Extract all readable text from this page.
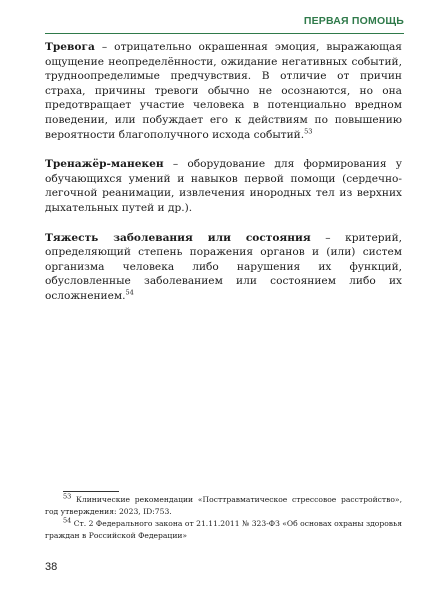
ПЕРВАЯ ПОМОЩЬ

Тревога – отрицательно окрашенная эмоция, выражающая ощущение неопределённости, ожидание негативных событий, трудноопределимые предчувствия. В отличие от причин страха, причины тревоги обычно не осознаются, но она предотвращает участие человека в потенциально вредном поведении, или побуждает его к действиям по повышению вероятности благополучного исхода событий.$^{53}$

Тренажёр-манекен – оборудование для формирования у обучающихся умений и навыков первой помощи (сердечно-легочной реанимации, извлечения инородных тел из верхних дыхательных путей и др.).

Тяжесть заболевания или состояния – критерий, определяющий степень поражения органов и (или) систем организма человека либо нарушения их функций, обусловленные заболеванием или состоянием либо их осложнением.$^{54}$

$^{53}$ Клинические рекомендации «Посттравматическое стрессовое расстройство», год утверждения: 2023, ID:753.

$^{54}$ Ст. 2 Федерального закона от 21.11.2011 № 323-ФЗ «Об основах охраны здоровья граждан в Российской Федерации»

38
